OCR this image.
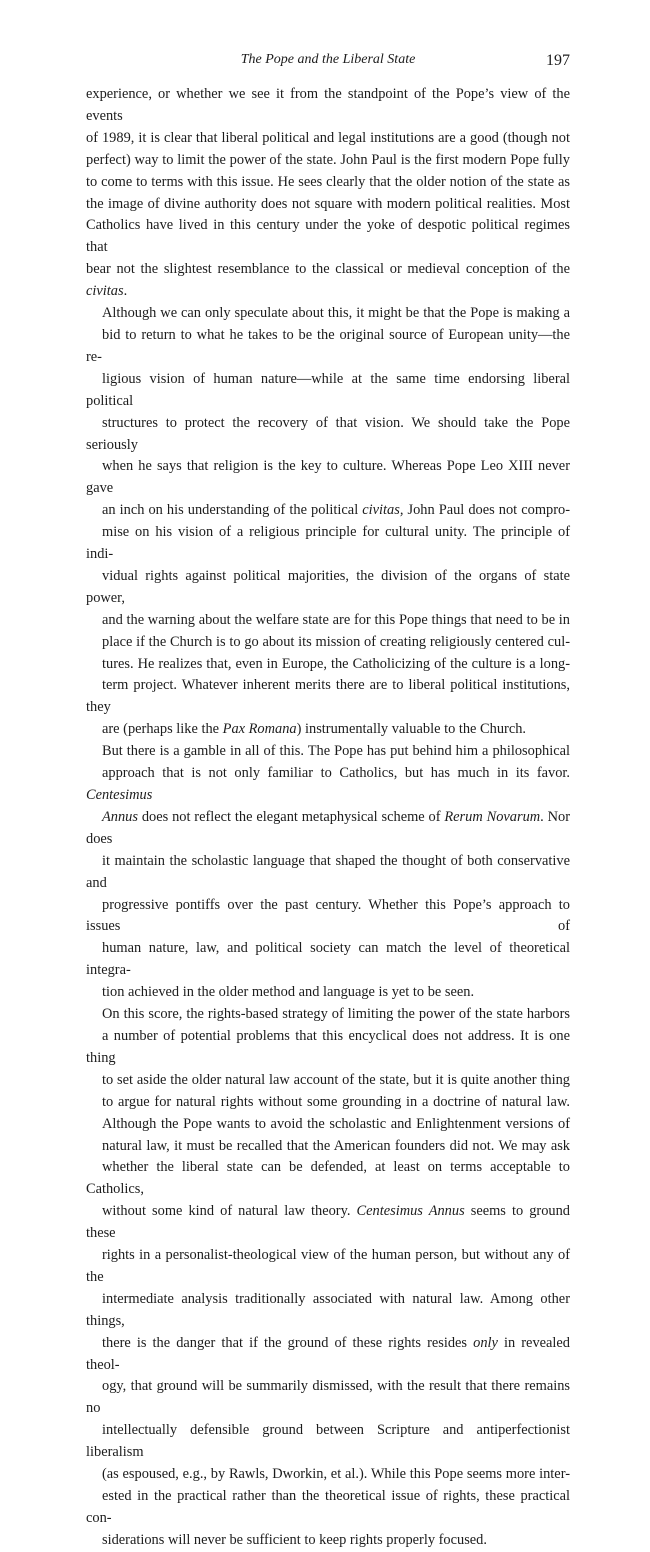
The Pope and the Liberal State	197

experience, or whether we see it from the standpoint of the Pope’s view of the events
of 1989, it is clear that liberal political and legal institutions are a good (though not
perfect) way to limit the power of the state. John Paul is the first modern Pope fully
to come to terms with this issue. He sees clearly that the older notion of the state as
the image of divine authority does not square with modern political realities. Most
Catholics have lived in this century under the yoke of despotic political regimes that
bear not the slightest resemblance to the classical or medieval conception of the
civitas.

Although we can only speculate about this, it might be that the Pope is making a
bid to return to what he takes to be the original source of European unity—the re-
ligious vision of human nature—while at the same time endorsing liberal political
structures to protect the recovery of that vision. We should take the Pope seriously
when he says that religion is the key to culture. Whereas Pope Leo XIII never gave
an inch on his understanding of the political civitas, John Paul does not compro-
mise on his vision of a religious principle for cultural unity. The principle of indi-
vidual rights against political majorities, the division of the organs of state power,
and the warning about the welfare state are for this Pope things that need to be in
place if the Church is to go about its mission of creating religiously centered cul-
tures. He realizes that, even in Europe, the Catholicizing of the culture is a long-
term project. Whatever inherent merits there are to liberal political institutions, they
are (perhaps like the Pax Romana) instrumentally valuable to the Church.

But there is a gamble in all of this. The Pope has put behind him a philosophical
approach that is not only familiar to Catholics, but has much in its favor. Centesimus
Annus does not reflect the elegant metaphysical scheme of Rerum Novarum. Nor does
it maintain the scholastic language that shaped the thought of both conservative and
progressive pontiffs over the past century. Whether this Pope’s approach to issues of
human nature, law, and political society can match the level of theoretical integra-
tion achieved in the older method and language is yet to be seen.

On this score, the rights-based strategy of limiting the power of the state harbors
a number of potential problems that this encyclical does not address. It is one thing
to set aside the older natural law account of the state, but it is quite another thing
to argue for natural rights without some grounding in a doctrine of natural law.
Although the Pope wants to avoid the scholastic and Enlightenment versions of
natural law, it must be recalled that the American founders did not. We may ask
whether the liberal state can be defended, at least on terms acceptable to Catholics,
without some kind of natural law theory. Centesimus Annus seems to ground these
rights in a personalist-theological view of the human person, but without any of the
intermediate analysis traditionally associated with natural law. Among other things,
there is the danger that if the ground of these rights resides only in revealed theol-
ogy, that ground will be summarily dismissed, with the result that there remains no
intellectually defensible ground between Scripture and antiperfectionist liberalism
(as espoused, e.g., by Rawls, Dworkin, et al.). While this Pope seems more inter-
ested in the practical rather than the theoretical issue of rights, these practical con-
siderations will never be sufficient to keep rights properly focused.
